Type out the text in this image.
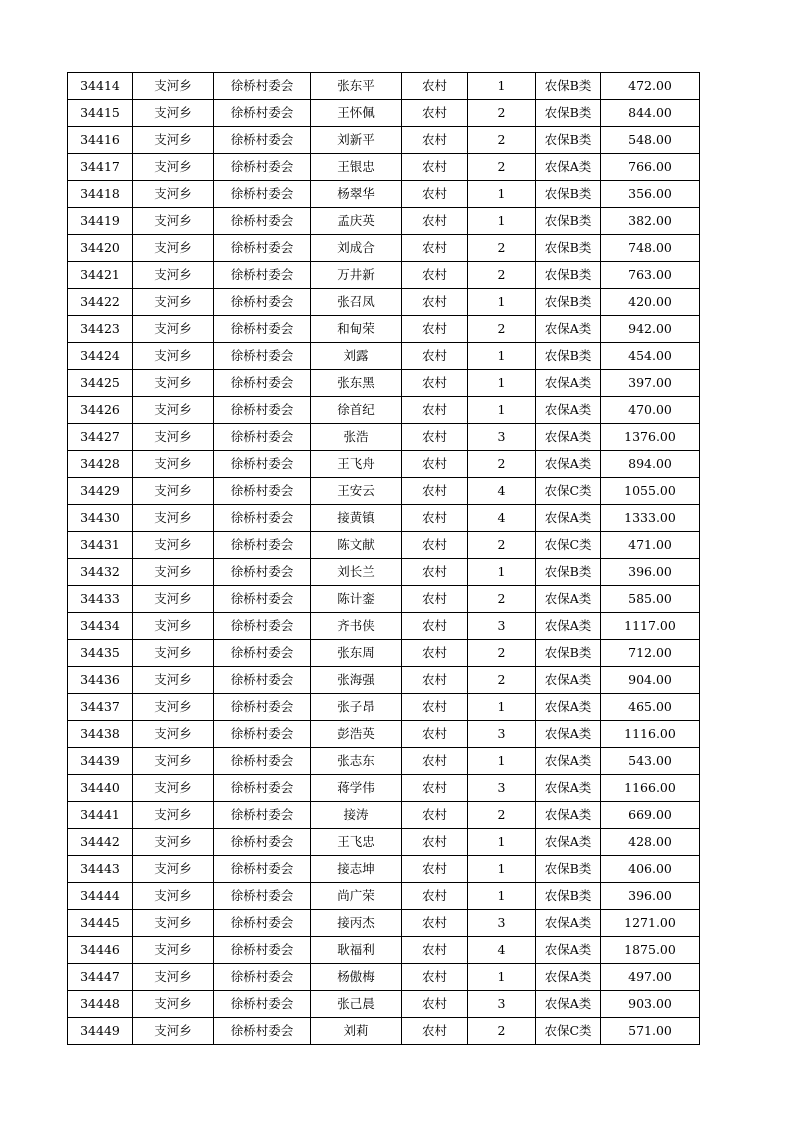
34414	支河乡	徐桥村委会	张东平	农村	1	农保B类	472.00
34415	支河乡	徐桥村委会	王怀佩	农村	2	农保B类	844.00
34416	支河乡	徐桥村委会	刘新平	农村	2	农保B类	548.00
34417	支河乡	徐桥村委会	王银忠	农村	2	农保A类	766.00
34418	支河乡	徐桥村委会	杨翠华	农村	1	农保B类	356.00
34419	支河乡	徐桥村委会	孟庆英	农村	1	农保B类	382.00
34420	支河乡	徐桥村委会	刘成合	农村	2	农保B类	748.00
34421	支河乡	徐桥村委会	万井新	农村	2	农保B类	763.00
34422	支河乡	徐桥村委会	张召凤	农村	1	农保B类	420.00
34423	支河乡	徐桥村委会	和甸荣	农村	2	农保A类	942.00
34424	支河乡	徐桥村委会	刘露	农村	1	农保B类	454.00
34425	支河乡	徐桥村委会	张东黑	农村	1	农保A类	397.00
34426	支河乡	徐桥村委会	徐首纪	农村	1	农保A类	470.00
34427	支河乡	徐桥村委会	张浩	农村	3	农保A类	1376.00
34428	支河乡	徐桥村委会	王飞舟	农村	2	农保A类	894.00
34429	支河乡	徐桥村委会	王安云	农村	4	农保C类	1055.00
34430	支河乡	徐桥村委会	接黄镇	农村	4	农保A类	1333.00
34431	支河乡	徐桥村委会	陈文献	农村	2	农保C类	471.00
34432	支河乡	徐桥村委会	刘长兰	农村	1	农保B类	396.00
34433	支河乡	徐桥村委会	陈计銮	农村	2	农保A类	585.00
34434	支河乡	徐桥村委会	齐书侠	农村	3	农保A类	1117.00
34435	支河乡	徐桥村委会	张东周	农村	2	农保B类	712.00
34436	支河乡	徐桥村委会	张海强	农村	2	农保A类	904.00
34437	支河乡	徐桥村委会	张子昂	农村	1	农保A类	465.00
34438	支河乡	徐桥村委会	彭浩英	农村	3	农保A类	1116.00
34439	支河乡	徐桥村委会	张志东	农村	1	农保A类	543.00
34440	支河乡	徐桥村委会	蒋学伟	农村	3	农保A类	1166.00
34441	支河乡	徐桥村委会	接涛	农村	2	农保A类	669.00
34442	支河乡	徐桥村委会	王飞忠	农村	1	农保A类	428.00
34443	支河乡	徐桥村委会	接志坤	农村	1	农保B类	406.00
34444	支河乡	徐桥村委会	尚广荣	农村	1	农保B类	396.00
34445	支河乡	徐桥村委会	接丙杰	农村	3	农保A类	1271.00
34446	支河乡	徐桥村委会	耿福利	农村	4	农保A类	1875.00
34447	支河乡	徐桥村委会	杨傲梅	农村	1	农保A类	497.00
34448	支河乡	徐桥村委会	张己晨	农村	3	农保A类	903.00
34449	支河乡	徐桥村委会	刘莉	农村	2	农保C类	571.00
